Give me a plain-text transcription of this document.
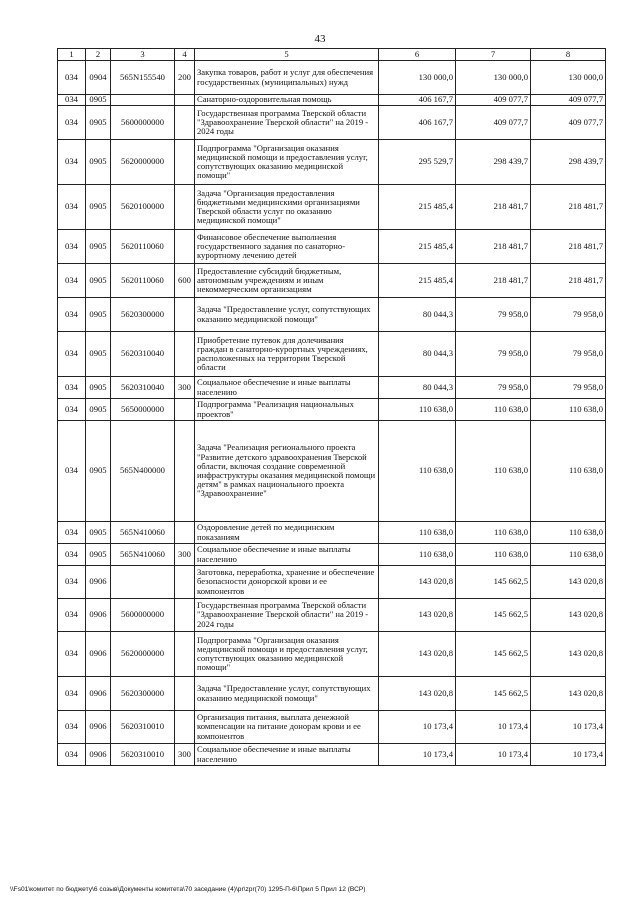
43
1	2	3	4	5	6	7	8
034	0904	565N155540	200	Закупка товаров, работ и услуг для обеспечения государственных (муниципальных) нужд	130 000,0	130 000,0	130 000,0
034	0905			Санаторно-оздоровительная помощь	406 167,7	409 077,7	409 077,7
034	0905	5600000000		Государственная программа Тверской области "Здравоохранение Тверской области" на 2019 - 2024 годы	406 167,7	409 077,7	409 077,7
034	0905	5620000000		Подпрограмма "Организация оказания медицинской помощи и предоставления услуг, сопутствующих оказанию медицинской помощи"	295 529,7	298 439,7	298 439,7
034	0905	5620100000		Задача "Организация предоставления бюджетными медицинскими организациями Тверской области услуг по оказанию медицинской помощи"	215 485,4	218 481,7	218 481,7
034	0905	5620110060		Финансовое обеспечение выполнения государственного задания по санаторно-курортному лечению детей	215 485,4	218 481,7	218 481,7
034	0905	5620110060	600	Предоставление субсидий бюджетным, автономным учреждениям и иным некоммерческим организациям	215 485,4	218 481,7	218 481,7
034	0905	5620300000		Задача "Предоставление услуг, сопутствующих оказанию медицинской помощи"	80 044,3	79 958,0	79 958,0
034	0905	5620310040		Приобретение путевок для долечивания граждан в санаторно-курортных учреждениях, расположенных на территории Тверской области	80 044,3	79 958,0	79 958,0
034	0905	5620310040	300	Социальное обеспечение и иные выплаты населению	80 044,3	79 958,0	79 958,0
034	0905	5650000000		Подпрограмма "Реализация национальных проектов"	110 638,0	110 638,0	110 638,0
034	0905	565N400000		Задача "Реализация регионального проекта "Развитие детского здравоохранения Тверской области, включая создание современной инфраструктуры оказания медицинской помощи детям" в рамках национального проекта "Здравоохранение"	110 638,0	110 638,0	110 638,0
034	0905	565N410060		Оздоровление детей по медицинским показаниям	110 638,0	110 638,0	110 638,0
034	0905	565N410060	300	Социальное обеспечение и иные выплаты населению	110 638,0	110 638,0	110 638,0
034	0906			Заготовка, переработка, хранение и обеспечение безопасности донорской крови и ее компонентов	143 020,8	145 662,5	143 020,8
034	0906	5600000000		Государственная программа Тверской области "Здравоохранение Тверской области" на 2019 - 2024 годы	143 020,8	145 662,5	143 020,8
034	0906	5620000000		Подпрограмма "Организация оказания медицинской помощи и предоставления услуг, сопутствующих оказанию медицинской помощи"	143 020,8	145 662,5	143 020,8
034	0906	5620300000		Задача "Предоставление услуг, сопутствующих оказанию медицинской помощи"	143 020,8	145 662,5	143 020,8
034	0906	5620310010		Организация питания, выплата денежной компенсации на питание донорам крови и ее компонентов	10 173,4	10 173,4	10 173,4
034	0906	5620310010	300	Социальное обеспечение и иные выплаты населению	10 173,4	10 173,4	10 173,4
\\Fs01\комитет по бюджету\6 созыв\Документы комитета\70 заседание (4)\pr\zpr(70) 1295-П-6\Прил 5 Прил 12 (ВСР)
